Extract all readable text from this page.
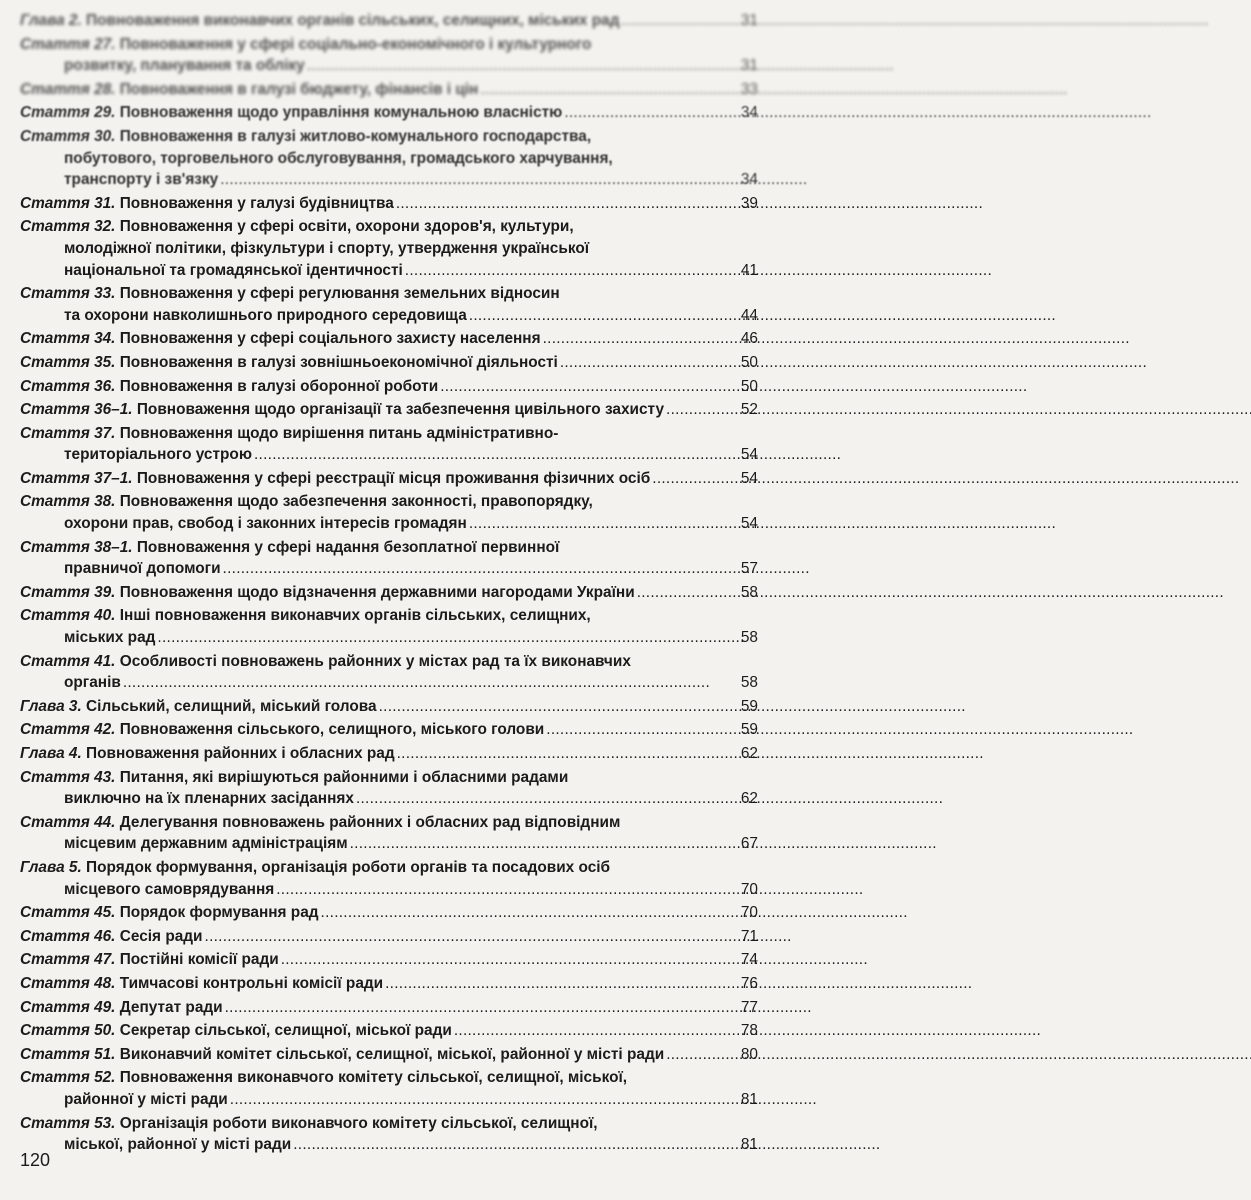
Глава 2. Повноваження виконавчих органів сільських, селищних, міських рад . . .	31
Стаття 27. Повноваження у сфері соціально-економічного і культурного
розвитку, планування та обліку . . .	31
Стаття 28. Повноваження в галузі бюджету, фінансів і цін . . .	33
Стаття 29. Повноваження щодо управління комунальною власністю . . .	34
Стаття 30. Повноваження в галузі житлово-комунального господарства,
побутового, торговельного обслуговування, громадського харчування,
транспорту і зв'язку . . .	34
Стаття 31. Повноваження у галузі будівництва . . .	39
Стаття 32. Повноваження у сфері освіти, охорони здоров'я, культури,
молодіжної політики, фізкультури і спорту, утвердження української
національної та громадянської ідентичності . . .	41
Стаття 33. Повноваження у сфері регулювання земельних відносин
та охорони навколишнього природного середовища . . .	44
Стаття 34. Повноваження у сфері соціального захисту населення . . .	46
Стаття 35. Повноваження в галузі зовнішньоекономічної діяльності . . .	50
Стаття 36. Повноваження в галузі оборонної роботи . . .	50
Стаття 36–1. Повноваження щодо організації та забезпечення цивільного захисту . . .	52
Стаття 37. Повноваження щодо вирішення питань адміністративно-
територіального устрою . . .	54
Стаття 37–1. Повноваження у сфері реєстрації місця проживання фізичних осіб . . .	54
Стаття 38. Повноваження щодо забезпечення законності, правопорядку,
охорони прав, свобод і законних інтересів громадян . . .	54
Стаття 38–1. Повноваження у сфері надання безоплатної первинної
правничої допомоги . . .	57
Стаття 39. Повноваження щодо відзначення державними нагородами України . . .	58
Стаття 40. Інші повноваження виконавчих органів сільських, селищних,
міських рад . . .	58
Стаття 41. Особливості повноважень районних у містах рад та їх виконавчих
органів . . .	58
Глава 3. Сільський, селищний, міський голова . . .	59
Стаття 42. Повноваження сільського, селищного, міського голови . . .	59
Глава 4. Повноваження районних і обласних рад . . .	62
Стаття 43. Питання, які вирішуються районними і обласними радами
виключно на їх пленарних засіданнях . . .	62
Стаття 44. Делегування повноважень районних і обласних рад відповідним
місцевим державним адміністраціям . . .	67
Глава 5. Порядок формування, організація роботи органів та посадових осіб
місцевого самоврядування . . .	70
Стаття 45. Порядок формування рад . . .	70
Стаття 46. Сесія ради . . .	71
Стаття 47. Постійні комісії ради . . .	74
Стаття 48. Тимчасові контрольні комісії ради . . .	76
Стаття 49. Депутат ради . . .	77
Стаття 50. Секретар сільської, селищної, міської ради . . .	78
Стаття 51. Виконавчий комітет сільської, селищної, міської, районної у місті ради . . .	80
Стаття 52. Повноваження виконавчого комітету сільської, селищної, міської,
районної у місті ради . . .	81
Стаття 53. Організація роботи виконавчого комітету сільської, селищної,
міської, районної у місті ради . . .	81
120
